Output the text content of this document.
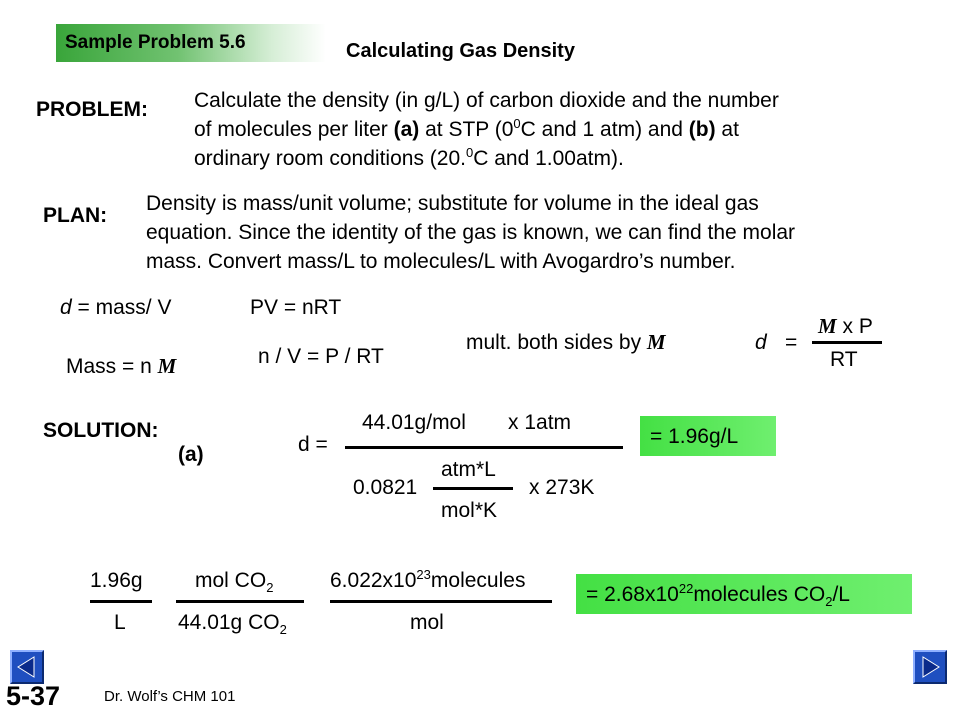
Sample Problem 5.6	Calculating Gas Density
PROBLEM: Calculate the density (in g/L) of carbon dioxide and the number
of molecules per liter (a) at STP ($0^0C$ and 1 atm) and (b) at
ordinary room conditions (20.$^0$C and 1.00atm).
PLAN:
Density is mass/unit volume; substitute for volume in the ideal gas
equation. Since the identity of the gas is known, we can find the molar
mass. Convert mass/L to molecules/L with Avogardro’s number.
d = mass/ V	PV = nRT
Mass = n M	n / V = P / RT
mult. both sides by M	d =
M x P
RT
SOLUTION:
(a)	d =
44.01g/mol x 1atm
atm*L
0.0821	x 273K
mol*K
= 1.96g/L
1.96g
L
mol $CO_2$
44.01g $CO_2$
$6.022x10^{23}molecules$
mol
= $2.68x10^{22}molecules$ $CO_2/L$
5-37	Dr. Wolf’s CHM 101
